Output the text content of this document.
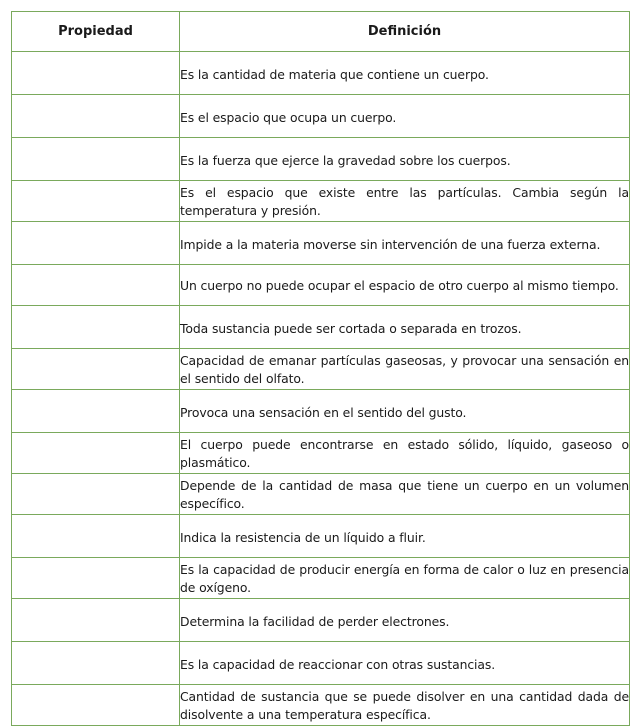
Propiedad	Definición
	Es la cantidad de materia que contiene un cuerpo.
	Es el espacio que ocupa un cuerpo.
	Es la fuerza que ejerce la gravedad sobre los cuerpos.
	Es el espacio que existe entre las partículas. Cambia según la temperatura y presión.
	Impide a la materia moverse sin intervención de una fuerza externa.
	Un cuerpo no puede ocupar el espacio de otro cuerpo al mismo tiempo.
	Toda sustancia puede ser cortada o separada en trozos.
	Capacidad de emanar partículas gaseosas, y provocar una sensación en el sentido del olfato.
	Provoca una sensación en el sentido del gusto.
	El cuerpo puede encontrarse en estado sólido, líquido, gaseoso o plasmático.
	Depende de la cantidad de masa que tiene un cuerpo en un volumen específico.
	Indica la resistencia de un líquido a fluir.
	Es la capacidad de producir energía en forma de calor o luz en presencia de oxígeno.
	Determina la facilidad de perder electrones.
	Es la capacidad de reaccionar con otras sustancias.
	Cantidad de sustancia que se puede disolver en una cantidad dada de disolvente a una temperatura específica.
